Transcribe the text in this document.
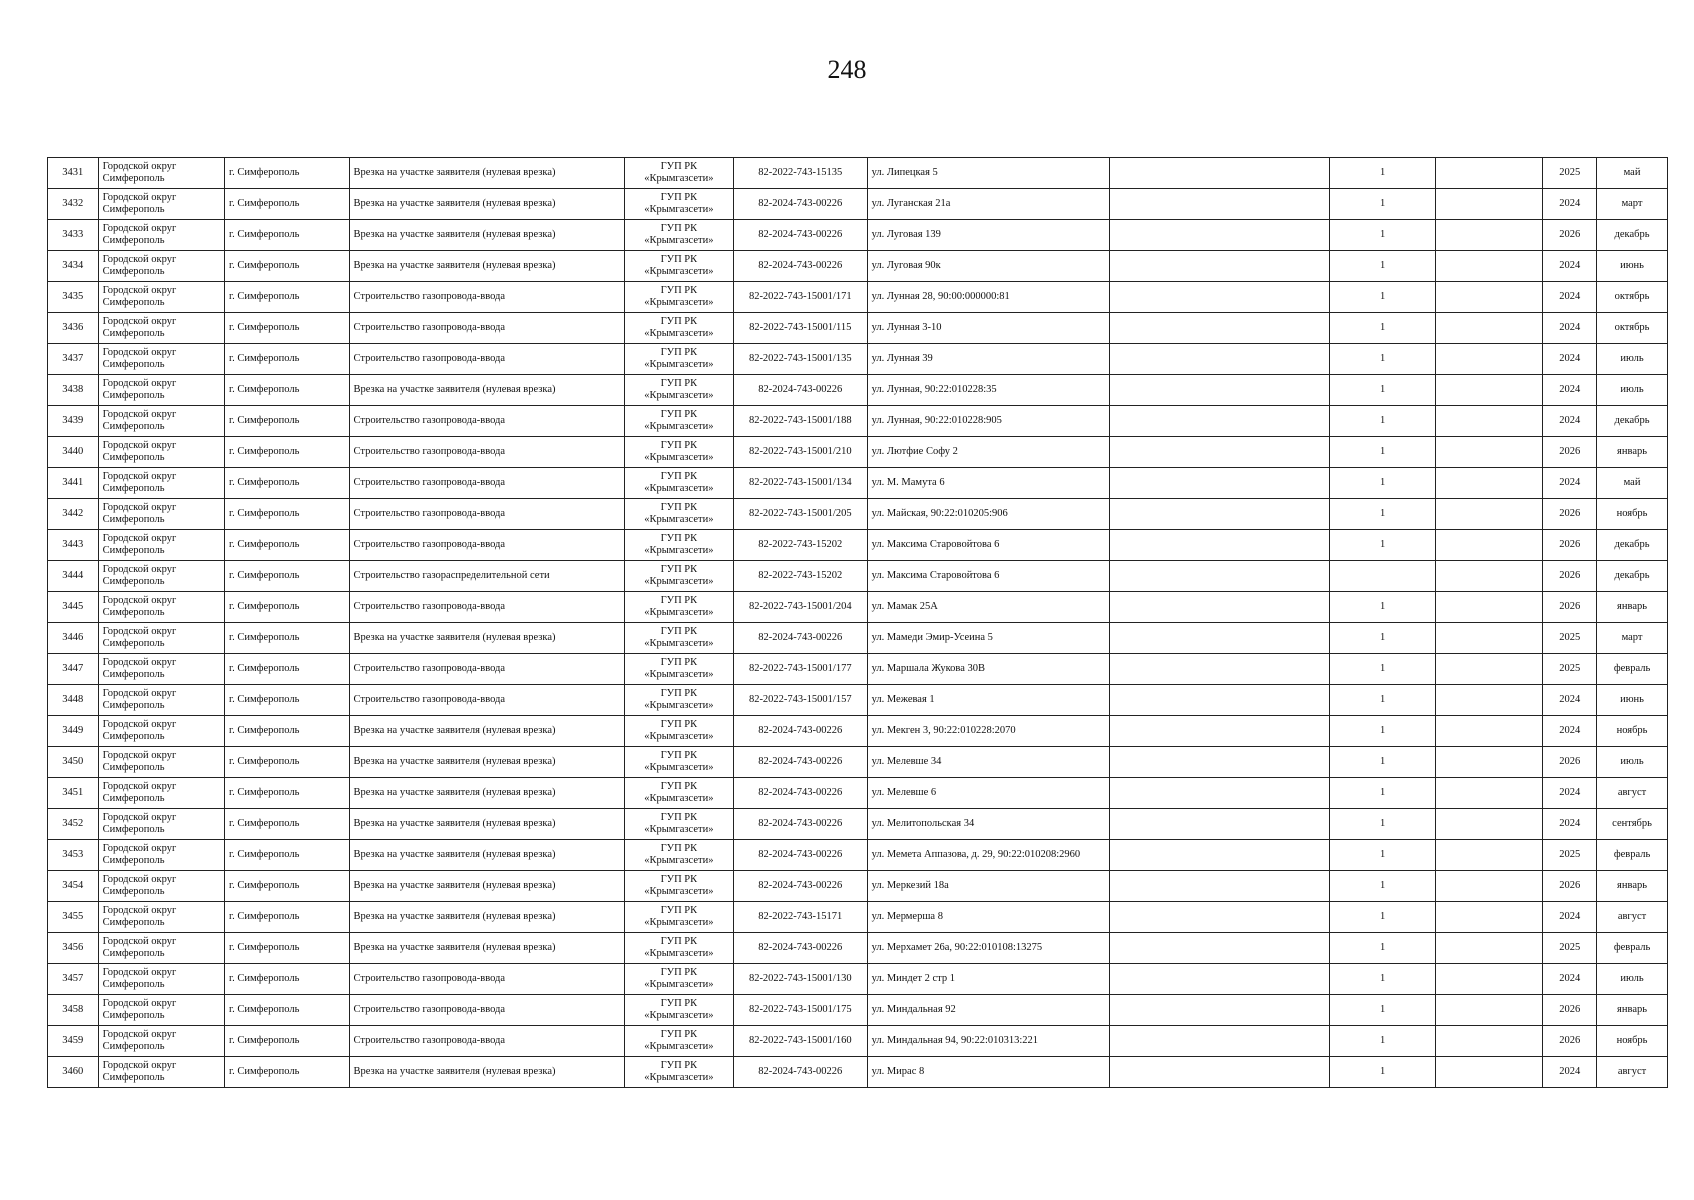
248
3431	Городской округ Симферополь	г. Симферополь	Врезка на участке заявителя (нулевая врезка)	ГУП РК «Крымгазсети»	82-2022-743-15135	ул. Липецкая 5		1		2025	май
3432	Городской округ Симферополь	г. Симферополь	Врезка на участке заявителя (нулевая врезка)	ГУП РК «Крымгазсети»	82-2024-743-00226	ул. Луганская 21а		1		2024	март
3433	Городской округ Симферополь	г. Симферополь	Врезка на участке заявителя (нулевая врезка)	ГУП РК «Крымгазсети»	82-2024-743-00226	ул. Луговая 139		1		2026	декабрь
3434	Городской округ Симферополь	г. Симферополь	Врезка на участке заявителя (нулевая врезка)	ГУП РК «Крымгазсети»	82-2024-743-00226	ул. Луговая 90к		1		2024	июнь
3435	Городской округ Симферополь	г. Симферополь	Строительство газопровода-ввода	ГУП РК «Крымгазсети»	82-2022-743-15001/171	ул. Лунная 28, 90:00:000000:81		1		2024	октябрь
3436	Городской округ Симферополь	г. Симферополь	Строительство газопровода-ввода	ГУП РК «Крымгазсети»	82-2022-743-15001/115	ул. Лунная 3-10		1		2024	октябрь
3437	Городской округ Симферополь	г. Симферополь	Строительство газопровода-ввода	ГУП РК «Крымгазсети»	82-2022-743-15001/135	ул. Лунная 39		1		2024	июль
3438	Городской округ Симферополь	г. Симферополь	Врезка на участке заявителя (нулевая врезка)	ГУП РК «Крымгазсети»	82-2024-743-00226	ул. Лунная, 90:22:010228:35		1		2024	июль
3439	Городской округ Симферополь	г. Симферополь	Строительство газопровода-ввода	ГУП РК «Крымгазсети»	82-2022-743-15001/188	ул. Лунная, 90:22:010228:905		1		2024	декабрь
3440	Городской округ Симферополь	г. Симферополь	Строительство газопровода-ввода	ГУП РК «Крымгазсети»	82-2022-743-15001/210	ул. Лютфие Софу 2		1		2026	январь
3441	Городской округ Симферополь	г. Симферополь	Строительство газопровода-ввода	ГУП РК «Крымгазсети»	82-2022-743-15001/134	ул. М. Мамута 6		1		2024	май
3442	Городской округ Симферополь	г. Симферополь	Строительство газопровода-ввода	ГУП РК «Крымгазсети»	82-2022-743-15001/205	ул. Майская, 90:22:010205:906		1		2026	ноябрь
3443	Городской округ Симферополь	г. Симферополь	Строительство газопровода-ввода	ГУП РК «Крымгазсети»	82-2022-743-15202	ул. Максима Старовойтова 6		1		2026	декабрь
3444	Городской округ Симферополь	г. Симферополь	Строительство газораспределительной сети	ГУП РК «Крымгазсети»	82-2022-743-15202	ул. Максима Старовойтова 6				2026	декабрь
3445	Городской округ Симферополь	г. Симферополь	Строительство газопровода-ввода	ГУП РК «Крымгазсети»	82-2022-743-15001/204	ул. Мамак 25А		1		2026	январь
3446	Городской округ Симферополь	г. Симферополь	Врезка на участке заявителя (нулевая врезка)	ГУП РК «Крымгазсети»	82-2024-743-00226	ул. Мамеди Эмир-Усеина 5		1		2025	март
3447	Городской округ Симферополь	г. Симферополь	Строительство газопровода-ввода	ГУП РК «Крымгазсети»	82-2022-743-15001/177	ул. Маршала Жукова 30В		1		2025	февраль
3448	Городской округ Симферополь	г. Симферополь	Строительство газопровода-ввода	ГУП РК «Крымгазсети»	82-2022-743-15001/157	ул. Межевая 1		1		2024	июнь
3449	Городской округ Симферополь	г. Симферополь	Врезка на участке заявителя (нулевая врезка)	ГУП РК «Крымгазсети»	82-2024-743-00226	ул. Мекген 3, 90:22:010228:2070		1		2024	ноябрь
3450	Городской округ Симферополь	г. Симферополь	Врезка на участке заявителя (нулевая врезка)	ГУП РК «Крымгазсети»	82-2024-743-00226	ул. Мелевше 34		1		2026	июль
3451	Городской округ Симферополь	г. Симферополь	Врезка на участке заявителя (нулевая врезка)	ГУП РК «Крымгазсети»	82-2024-743-00226	ул. Мелевше 6		1		2024	август
3452	Городской округ Симферополь	г. Симферополь	Врезка на участке заявителя (нулевая врезка)	ГУП РК «Крымгазсети»	82-2024-743-00226	ул. Мелитопольская 34		1		2024	сентябрь
3453	Городской округ Симферополь	г. Симферополь	Врезка на участке заявителя (нулевая врезка)	ГУП РК «Крымгазсети»	82-2024-743-00226	ул. Мемета Аппазова, д. 29, 90:22:010208:2960		1		2025	февраль
3454	Городской округ Симферополь	г. Симферополь	Врезка на участке заявителя (нулевая врезка)	ГУП РК «Крымгазсети»	82-2024-743-00226	ул. Меркезий 18а		1		2026	январь
3455	Городской округ Симферополь	г. Симферополь	Врезка на участке заявителя (нулевая врезка)	ГУП РК «Крымгазсети»	82-2022-743-15171	ул. Мермерша 8		1		2024	август
3456	Городской округ Симферополь	г. Симферополь	Врезка на участке заявителя (нулевая врезка)	ГУП РК «Крымгазсети»	82-2024-743-00226	ул. Мерхамет 26а, 90:22:010108:13275		1		2025	февраль
3457	Городской округ Симферополь	г. Симферополь	Строительство газопровода-ввода	ГУП РК «Крымгазсети»	82-2022-743-15001/130	ул. Миндет 2 стр 1		1		2024	июль
3458	Городской округ Симферополь	г. Симферополь	Строительство газопровода-ввода	ГУП РК «Крымгазсети»	82-2022-743-15001/175	ул. Миндальная 92		1		2026	январь
3459	Городской округ Симферополь	г. Симферополь	Строительство газопровода-ввода	ГУП РК «Крымгазсети»	82-2022-743-15001/160	ул. Миндальная 94, 90:22:010313:221		1		2026	ноябрь
3460	Городской округ Симферополь	г. Симферополь	Врезка на участке заявителя (нулевая врезка)	ГУП РК «Крымгазсети»	82-2024-743-00226	ул. Мирас 8		1		2024	август
